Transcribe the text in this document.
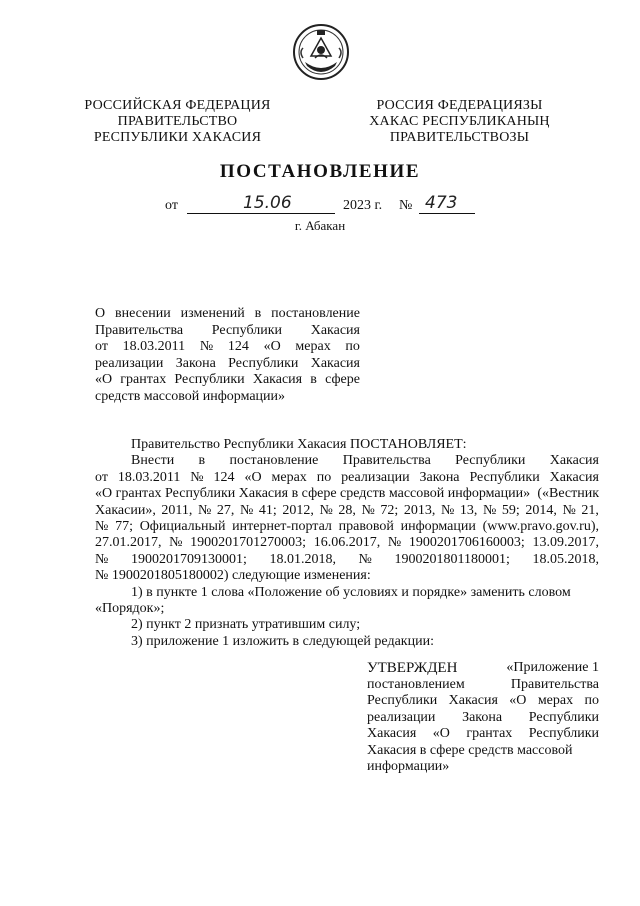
РОССИЙСКАЯ ФЕДЕРАЦИЯ
ПРАВИТЕЛЬСТВО
РЕСПУБЛИКИ ХАКАСИЯ
РОССИЯ ФЕДЕРАЦИЯЗЫ
ХАКАС РЕСПУБЛИКАНЫҢ
ПРАВИТЕЛЬСТВОЗЫ
ПОСТАНОВЛЕНИЕ
от	15.06	2023 г. № 473
г. Абакан
О внесении изменений в постановление
Правительства Республики Хакасия
от 18.03.2011 № 124 «О мерах по
реализации Закона Республики Хакасия
«О грантах Республики Хакасия в сфере
средств массовой информации»
Правительство Республики Хакасия ПОСТАНОВЛЯЕТ:
Внести в постановление Правительства Республики Хакасия
от 18.03.2011 № 124 «О мерах по реализации Закона Республики Хакасия
«О грантах Республики Хакасия в сфере средств массовой информации» («Вестник
Хакасии», 2011, № 27, № 41; 2012, № 28, № 72; 2013, № 13, № 59; 2014, № 21,
№ 77; Официальный интернет-портал правовой информации (www.pravo.gov.ru),
27.01.2017, № 1900201701270003; 16.06.2017, № 1900201706160003; 13.09.2017,
№ 1900201709130001; 18.01.2018, № 1900201801180001; 18.05.2018,
№ 1900201805180002) следующие изменения:
1) в пункте 1 слова «Положение об условиях и порядке» заменить словом
«Порядок»;
2) пункт 2 признать утратившим силу;
3) приложение 1 изложить в следующей редакции:
«Приложение 1
УТВЕРЖДЕН
постановлением	Правительства
Республики Хакасия «О мерах по
реализации Закона Республики
Хакасия «О грантах Республики
Хакасия в сфере средств массовой
информации»
